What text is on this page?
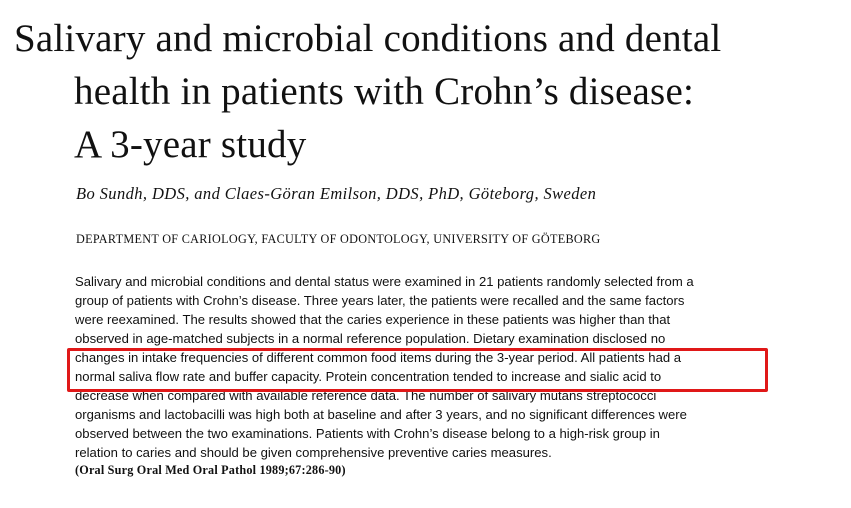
Salivary and microbial conditions and dental
health in patients with Crohn’s disease:
A 3-year study

Bo Sundh, DDS, and Claes-Göran Emilson, DDS, PhD, Göteborg, Sweden

DEPARTMENT OF CARIOLOGY, FACULTY OF ODONTOLOGY, UNIVERSITY OF GÖTEBORG

Salivary and microbial conditions and dental status were examined in 21 patients randomly selected from a
group of patients with Crohn’s disease. Three years later, the patients were recalled and the same factors
were reexamined. The results showed that the caries experience in these patients was higher than that
observed in age-matched subjects in a normal reference population. Dietary examination disclosed no
changes in intake frequencies of different common food items during the 3-year period. All patients had a
normal saliva flow rate and buffer capacity. Protein concentration tended to increase and sialic acid to
decrease when compared with available reference data. The number of salivary mutans streptococci
organisms and lactobacilli was high both at baseline and after 3 years, and no significant differences were
observed between the two examinations. Patients with Crohn’s disease belong to a high-risk group in
relation to caries and should be given comprehensive preventive caries measures.
(Oral Surg Oral Med Oral Pathol 1989;67:286-90)
